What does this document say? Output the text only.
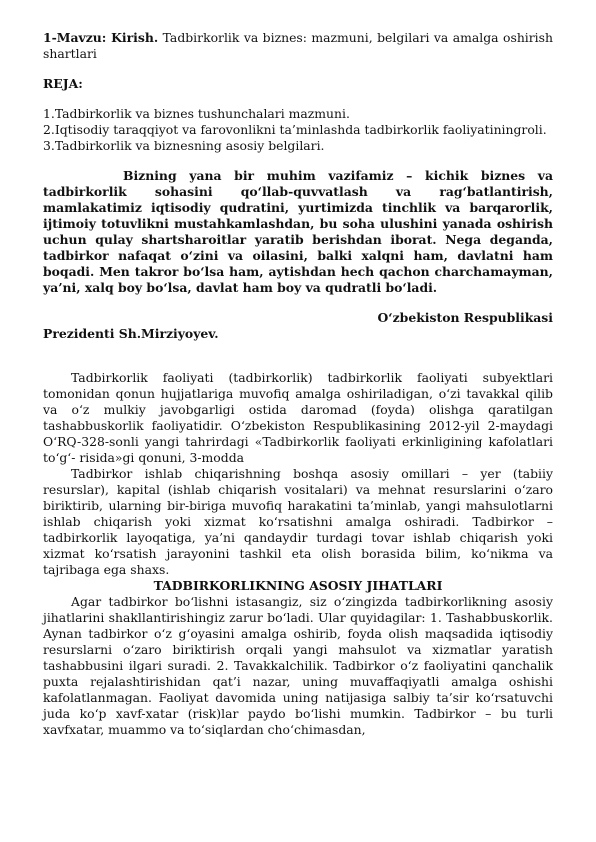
1-Mavzu: Kirish. Tadbirkorlik va biznes: mazmuni, belgilari va amalga oshirish shartlari

REJA:

1.Tadbirkorlik va biznes tushunchalari mazmuni.

2.Iqtisodiy taraqqiyot va farovonlikni ta’minlashda tadbirkorlik faoliyatiningroli.

3.Tadbirkorlik va biznesning asosiy belgilari.

Bizning yana bir muhim vazifamiz – kichik biznes va tadbirkorlik sohasini qo‘llab-quvvatlash va rag‘batlantirish, mamlakatimiz iqtisodiy qudratini, yurtimizda tinchlik va barqarorlik, ijtimoiy totuvlikni mustahkamlashdan, bu soha ulushini yanada oshirish uchun qulay shartsharoitlar yaratib berishdan iborat. Nega deganda, tadbirkor nafaqat o‘zini va oilasini, balki xalqni ham, davlatni ham boqadi. Men takror bo‘lsa ham, aytishdan hech qachon charchamayman, ya’ni, xalq boy bo‘lsa, davlat ham boy va qudratli bo‘ladi.

O‘zbekiston Respublikasi

Prezidenti Sh.Mirziyoyev.

Tadbirkorlik faoliyati (tadbirkorlik) tadbirkorlik faoliyati subyektlari tomonidan qonun hujjatlariga muvofiq amalga oshiriladigan, o‘zi tavakkal qilib va o‘z mulkiy javobgarligi ostida daromad (foyda) olishga qaratilgan tashabbuskorlik faoliyatidir. O‘zbekiston Respublikasining 2012-yil 2-maydagi O‘RQ-328-sonli yangi tahrirdagi «Tadbirkorlik faoliyati erkinligining kafolatlari to‘g‘- risida»gi qonuni, 3-modda

Tadbirkor ishlab chiqarishning boshqa asosiy omillari – yer (tabiiy resurslar), kapital (ishlab chiqarish vositalari) va mehnat resurslarini o‘zaro biriktirib, ularning bir-biriga muvofiq harakatini ta’minlab, yangi mahsulotlarni ishlab chiqarish yoki xizmat ko‘rsatishni amalga oshiradi. Tadbirkor – tadbirkorlik layoqatiga, ya’ni qandaydir turdagi tovar ishlab chiqarish yoki xizmat ko‘rsatish jarayonini tashkil eta olish borasida bilim, ko‘nikma va tajribaga ega shaxs.

TADBIRKORLIKNING ASOSIY JIHATLARI

Agar tadbirkor bo‘lishni istasangiz, siz o‘zingizda tadbirkorlikning asosiy jihatlarini shakllantirishingiz zarur bo‘ladi. Ular quyidagilar: 1. Tashabbuskorlik. Aynan tadbirkor o‘z g‘oyasini amalga oshirib, foyda olish maqsadida iqtisodiy resurslarni o‘zaro biriktirish orqali yangi mahsulot va xizmatlar yaratish tashabbusini ilgari suradi. 2. Tavakkalchilik. Tadbirkor o‘z faoliyatini qanchalik puxta rejalashtirishidan qat’i nazar, uning muvaffaqiyatli amalga oshishi kafolatlanmagan. Faoliyat davomida uning natijasiga salbiy ta’sir ko‘rsatuvchi juda ko‘p xavf-xatar (risk)lar paydo bo‘lishi mumkin. Tadbirkor – bu turli xavfxatar, muammo va to‘siqlardan cho‘chimasdan,
